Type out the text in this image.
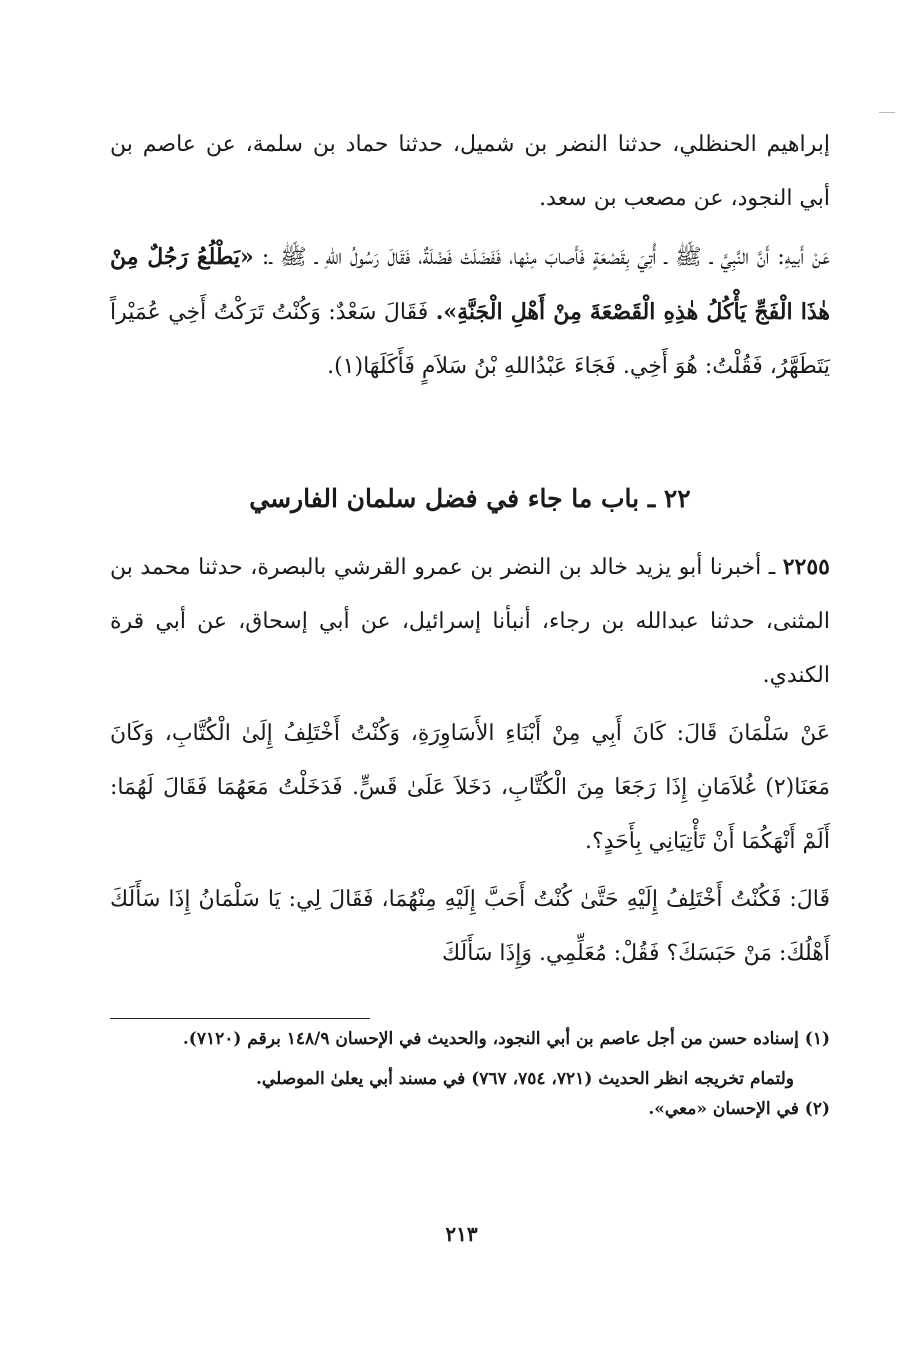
إبراهيم الحنظلي، حدثنا النضر بن شميل، حدثنا حماد بن سلمة، عن عاصم بن أبي النجود، عن مصعب بن سعد.

عَنْ أَبيهِ: أَنَّ النَّبِيَّ ـ ﷺ ـ أُتِيَ بِقَصْعَةٍ فَأَصابَ مِنْها، فَفَضَلَتْ فَضْلَةٌ، فَقَالَ رَسُولُ اللهِ ـ ﷺ ـ: «يَطْلُعُ رَجُلٌ مِنْ هٰذَا الْفَجِّ يَأْكُلُ هٰذِهِ الْقَصْعَةَ مِنْ أَهْلِ الْجَنَّةِ». فَقَالَ سَعْدٌ: وَكُنْتُ تَرَكْتُ أَخِي عُمَيْراً يَتَطَهَّرُ، فَقُلْتُ: هُوَ أَخِي. فَجَاءَ عَبْدُاللهِ بْنُ سَلاَمٍ فَأَكَلَهَا(١).

٢٢ ـ باب ما جاء في فضل سلمان الفارسي

٢٢٥٥ ـ أخبرنا أبو يزيد خالد بن النضر بن عمرو القرشي بالبصرة، حدثنا محمد بن المثنى، حدثنا عبدالله بن رجاء، أنبأنا إسرائيل، عن أبي إسحاق، عن أبي قرة الكندي.

عَنْ سَلْمَانَ قَالَ: كَانَ أَبِي مِنْ أَبْنَاءِ الأَسَاوِرَةِ، وَكُنْتُ أَخْتَلِفُ إِلَىٰ الْكُتَّابِ، وَكَانَ مَعَنَا(٢) غُلاَمَانِ إِذَا رَجَعَا مِنَ الْكُتَّابِ، دَخَلاَ عَلَىٰ قَسٍّ. فَدَخَلْتُ مَعَهُمَا فَقَالَ لَهُمَا: أَلَمْ أَنْهَكُمَا أَنْ تَأْتِيَانِي بِأَحَدٍ؟.

قَالَ: فَكُنْتُ أَخْتَلِفُ إِلَيْهِ حَتَّىٰ كُنْتُ أَحَبَّ إِلَيْهِ مِنْهُمَا، فَقَالَ لِي: يَا سَلْمَانُ إِذَا سَأَلَكَ أَهْلُكَ: مَنْ حَبَسَكَ؟ فَقُلْ: مُعَلِّمِي. وَإِذَا سَأَلَكَ

(١) إسناده حسن من أجل عاصم بن أبي النجود، والحديث في الإحسان ١٤٨/٩ برقم (٧١٢٠).

ولتمام تخريجه انظر الحديث (٧٢١، ٧٥٤، ٧٦٧) في مسند أبي يعلىٰ الموصلي.

(٢) في الإحسان «معي».

٢١٣
